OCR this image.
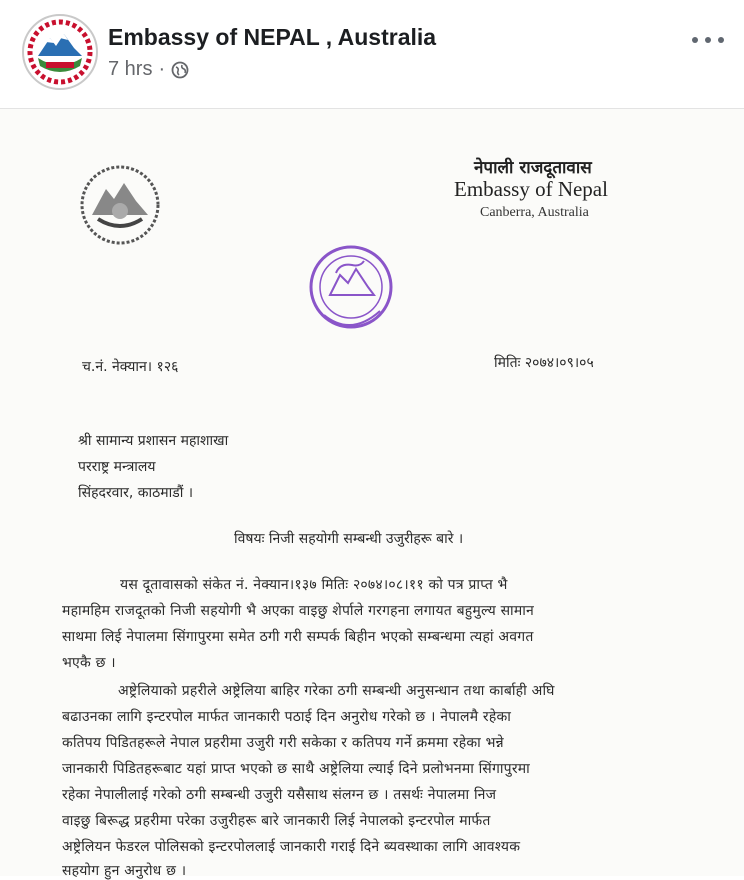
Embassy of NEPAL , Australia
7 hrs ·
नेपाली राजदूतावास
Embassy of Nepal
Canberra, Australia
च.नं. नेक्यान। १२६	मितिः २०७४।०९।०५
श्री सामान्य प्रशासन महाशाखा
परराष्ट्र मन्त्रालय
सिंहदरवार, काठमाडौं ।
विषयः निजी सहयोगी सम्बन्धी उजुरीहरू बारे ।
यस दूतावासको संकेत नं. नेक्यान।१३७ मितिः २०७४।०८।११ को पत्र प्राप्त भै
महामहिम राजदूतको निजी सहयोगी भै अएका वाइछु शेर्पाले गरगहना लगायत बहुमुल्य सामान
साथमा लिई नेपालमा सिंगापुरमा समेत ठगी गरी सम्पर्क बिहीन भएको सम्बन्धमा त्यहां अवगत
भएकै छ ।
अष्ट्रेलियाको प्रहरीले अष्ट्रेलिया बाहिर गरेका ठगी सम्बन्धी अनुसन्धान तथा कार्बाही अघि
बढाउनका लागि इन्टरपोल मार्फत जानकारी पठाई दिन अनुरोध गरेको छ । नेपालमै रहेका
कतिपय पिडितहरूले नेपाल प्रहरीमा उजुरी गरी सकेका र कतिपय गर्ने क्रममा रहेका भन्ने
जानकारी पिडितहरूबाट यहां प्राप्त भएको छ साथै अष्ट्रेलिया ल्याई दिने प्रलोभनमा सिंगापुरमा
रहेका नेपालीलाई गरेको ठगी सम्बन्धी उजुरी यसैसाथ संलग्न छ । तसर्थः नेपालमा निज
वाइछु बिरूद्ध प्रहरीमा परेका उजुरीहरू बारे जानकारी लिई नेपालको इन्टरपोल मार्फत
अष्ट्रेलियन फेडरल पोलिसको इन्टरपोललाई जानकारी गराई दिने ब्यवस्थाका लागि आवश्यक
सहयोग हुन अनुरोध छ ।
